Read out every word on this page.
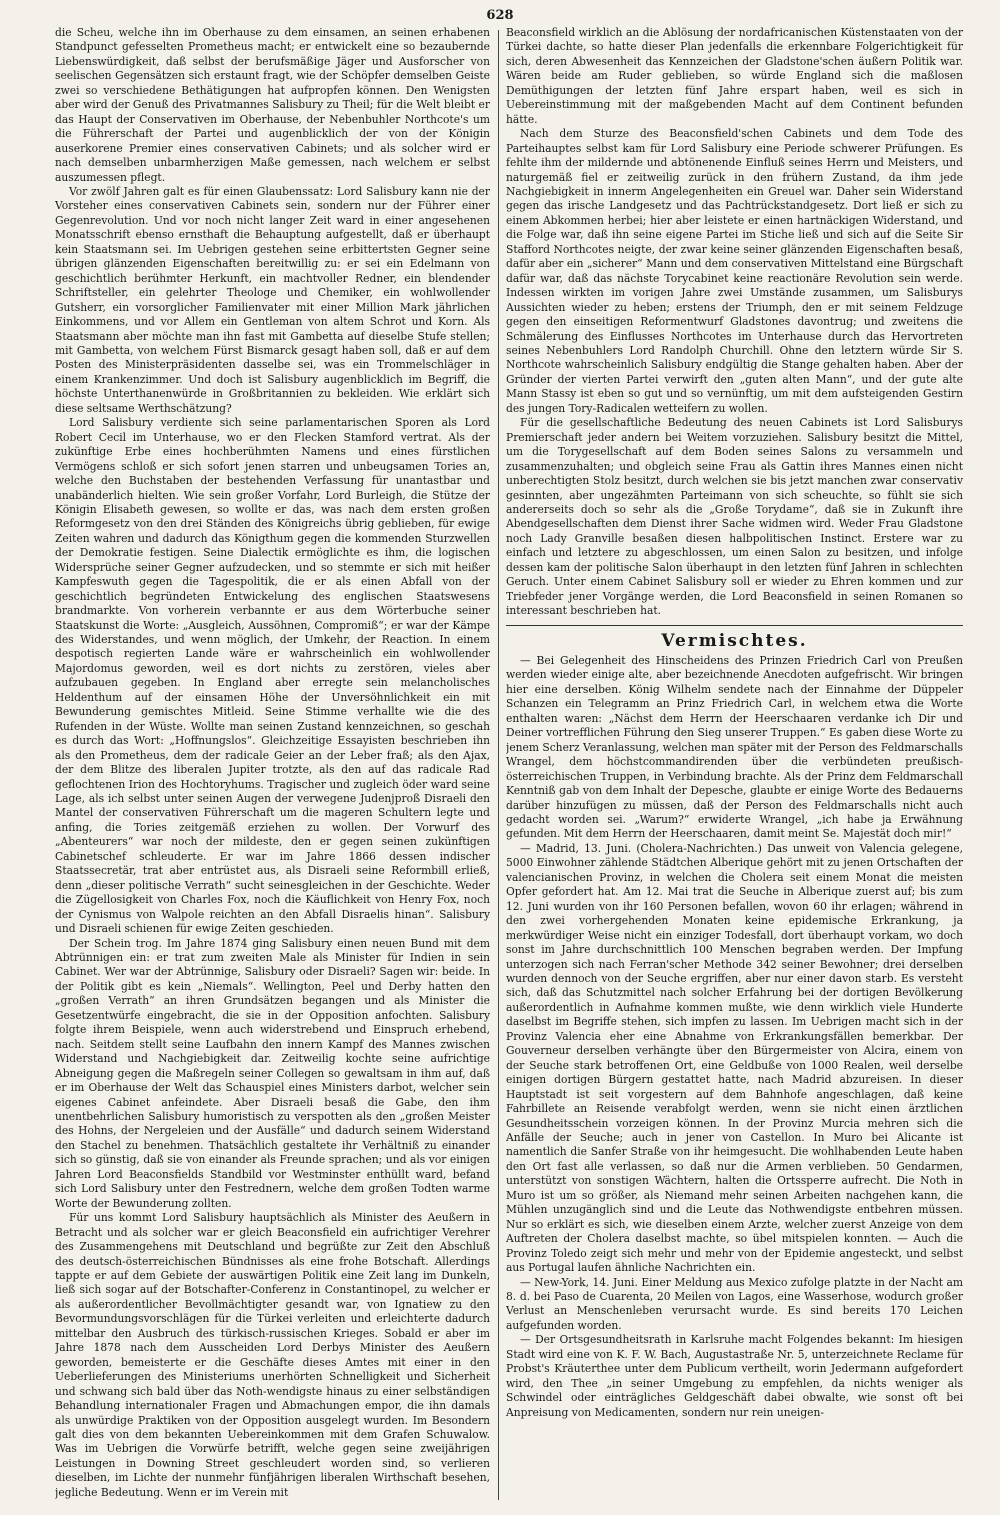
628

die Scheu, welche ihn im Oberhause zu dem einsamen, an seinen erhabenen Standpunct gefesselten Prometheus macht; er entwickelt eine so bezaubernde Liebenswürdigkeit, daß selbst der berufsmäßige Jäger und Ausforscher von seelischen Gegensätzen sich erstaunt fragt, wie der Schöpfer demselben Geiste zwei so verschiedene Bethätigungen hat aufpropfen können. Den Wenigsten aber wird der Genuß des Privatmannes Salisbury zu Theil; für die Welt bleibt er das Haupt der Conservativen im Oberhause, der Nebenbuhler Northcote's um die Führerschaft der Partei und augenblicklich der von der Königin auserkorene Premier eines conservativen Cabinets; und als solcher wird er nach demselben unbarmherzigen Maße gemessen, nach welchem er selbst auszumessen pflegt.

Vor zwölf Jahren galt es für einen Glaubenssatz: Lord Salisbury kann nie der Vorsteher eines conservativen Cabinets sein, sondern nur der Führer einer Gegenrevolution. Und vor noch nicht langer Zeit ward in einer angesehenen Monatsschrift ebenso ernsthaft die Behauptung aufgestellt, daß er überhaupt kein Staatsmann sei. Im Uebrigen gestehen seine erbittertsten Gegner seine übrigen glänzenden Eigenschaften bereitwillig zu: er sei ein Edelmann von geschichtlich berühmter Herkunft, ein machtvoller Redner, ein blendender Schriftsteller, ein gelehrter Theologe und Chemiker, ein wohlwollender Gutsherr, ein vorsorglicher Familienvater mit einer Million Mark jährlichen Einkommens, und vor Allem ein Gentleman von altem Schrot und Korn. Als Staatsmann aber möchte man ihn fast mit Gambetta auf dieselbe Stufe stellen; mit Gambetta, von welchem Fürst Bismarck gesagt haben soll, daß er auf dem Posten des Ministerpräsidenten dasselbe sei, was ein Trommelschläger in einem Krankenzimmer. Und doch ist Salisbury augenblicklich im Begriff, die höchste Unterthanenwürde in Großbritannien zu bekleiden. Wie erklärt sich diese seltsame Werthschätzung?

Lord Salisbury verdiente sich seine parlamentarischen Sporen als Lord Robert Cecil im Unterhause, wo er den Flecken Stamford vertrat. Als der zukünftige Erbe eines hochberühmten Namens und eines fürstlichen Vermögens schloß er sich sofort jenen starren und unbeugsamen Tories an, welche den Buchstaben der bestehenden Verfassung für unantastbar und unabänderlich hielten. Wie sein großer Vorfahr, Lord Burleigh, die Stütze der Königin Elisabeth gewesen, so wollte er das, was nach dem ersten großen Reformgesetz von den drei Ständen des Königreichs übrig geblieben, für ewige Zeiten wahren und dadurch das Königthum gegen die kommenden Sturzwellen der Demokratie festigen. Seine Dialectik ermöglichte es ihm, die logischen Widersprüche seiner Gegner aufzudecken, und so stemmte er sich mit heißer Kampfeswuth gegen die Tagespolitik, die er als einen Abfall von der geschichtlich begründeten Entwickelung des englischen Staatswesens brandmarkte. Von vorherein verbannte er aus dem Wörterbuche seiner Staatskunst die Worte: „Ausgleich, Aussöhnen, Compromiß“; er war der Kämpe des Widerstandes, und wenn möglich, der Umkehr, der Reaction. In einem despotisch regierten Lande wäre er wahrscheinlich ein wohlwollender Majordomus geworden, weil es dort nichts zu zerstören, vieles aber aufzubauen gegeben. In England aber erregte sein melancholisches Heldenthum auf der einsamen Höhe der Unversöhnlichkeit ein mit Bewunderung gemischtes Mitleid. Seine Stimme verhallte wie die des Rufenden in der Wüste. Wollte man seinen Zustand kennzeichnen, so geschah es durch das Wort: „Hoffnungslos“. Gleichzeitige Essayisten beschrieben ihn als den Prometheus, dem der radicale Geier an der Leber fraß; als den Ajax, der dem Blitze des liberalen Jupiter trotzte, als den auf das radicale Rad geflochtenen Irion des Hochtoryhums. Tragischer und zugleich öder ward seine Lage, als ich selbst unter seinen Augen der verwegene Judenjproß Disraeli den Mantel der conservativen Führerschaft um die mageren Schultern legte und anfing, die Tories zeitgemäß erziehen zu wollen. Der Vorwurf des „Abenteurers“ war noch der mildeste, den er gegen seinen zukünftigen Cabinetschef schleuderte. Er war im Jahre 1866 dessen indischer Staatssecretär, trat aber entrüstet aus, als Disraeli seine Reformbill erließ, denn „dieser politische Verrath“ sucht seinesgleichen in der Geschichte. Weder die Zügellosigkeit von Charles Fox, noch die Käuflichkeit von Henry Fox, noch der Cynismus von Walpole reichten an den Abfall Disraelis hinan“. Salisbury und Disraeli schienen für ewige Zeiten geschieden.

Der Schein trog. Im Jahre 1874 ging Salisbury einen neuen Bund mit dem Abtrünnigen ein: er trat zum zweiten Male als Minister für Indien in sein Cabinet. Wer war der Abtrünnige, Salisbury oder Disraeli? Sagen wir: beide. In der Politik gibt es kein „Niemals“. Wellington, Peel und Derby hatten den „großen Verrath“ an ihren Grundsätzen begangen und als Minister die Gesetzentwürfe eingebracht, die sie in der Opposition anfochten. Salisbury folgte ihrem Beispiele, wenn auch widerstrebend und Einspruch erhebend, nach. Seitdem stellt seine Laufbahn den innern Kampf des Mannes zwischen Widerstand und Nachgiebigkeit dar. Zeitweilig kochte seine aufrichtige Abneigung gegen die Maßregeln seiner Collegen so gewaltsam in ihm auf, daß er im Oberhause der Welt das Schauspiel eines Ministers darbot, welcher sein eigenes Cabinet anfeindete. Aber Disraeli besaß die Gabe, den ihm unentbehrlichen Salisbury humoristisch zu verspotten als den „großen Meister des Hohns, der Nergeleien und der Ausfälle“ und dadurch seinem Widerstand den Stachel zu benehmen. Thatsächlich gestaltete ihr Verhältniß zu einander sich so günstig, daß sie von einander als Freunde sprachen; und als vor einigen Jahren Lord Beaconsfields Standbild vor Westminster enthüllt ward, befand sich Lord Salisbury unter den Festrednern, welche dem großen Todten warme Worte der Bewunderung zollten.

Für uns kommt Lord Salisbury hauptsächlich als Minister des Aeußern in Betracht und als solcher war er gleich Beaconsfield ein aufrichtiger Verehrer des Zusammengehens mit Deutschland und begrüßte zur Zeit den Abschluß des deutsch-österreichischen Bündnisses als eine frohe Botschaft. Allerdings tappte er auf dem Gebiete der auswärtigen Politik eine Zeit lang im Dunkeln, ließ sich sogar auf der Botschafter-Conferenz in Constantinopel, zu welcher er als außerordentlicher Bevollmächtigter gesandt war, von Ignatiew zu den Bevormundungsvorschlägen für die Türkei verleiten und erleichterte dadurch mittelbar den Ausbruch des türkisch-russischen Krieges. Sobald er aber im Jahre 1878 nach dem Ausscheiden Lord Derbys Minister des Aeußern geworden, bemeisterte er die Geschäfte dieses Amtes mit einer in den Ueberlieferungen des Ministeriums unerhörten Schnelligkeit und Sicherheit und schwang sich bald über das Noth-wendigste hinaus zu einer selbständigen Behandlung internationaler Fragen und Abmachungen empor, die ihn damals als unwürdige Praktiken von der Opposition ausgelegt wurden. Im Besondern galt dies von dem bekannten Uebereinkommen mit dem Grafen Schuwalow. Was im Uebrigen die Vorwürfe betrifft, welche gegen seine zweijährigen Leistungen in Downing Street geschleudert worden sind, so verlieren dieselben, im Lichte der nunmehr fünfjährigen liberalen Wirthschaft besehen, jegliche Bedeutung. Wenn er im Verein mit

Beaconsfield wirklich an die Ablösung der nordafricanischen Küstenstaaten von der Türkei dachte, so hatte dieser Plan jedenfalls die erkennbare Folgerichtigkeit für sich, deren Abwesenheit das Kennzeichen der Gladstone'schen äußern Politik war. Wären beide am Ruder geblieben, so würde England sich die maßlosen Demüthigungen der letzten fünf Jahre erspart haben, weil es sich in Uebereinstimmung mit der maßgebenden Macht auf dem Continent befunden hätte.

Nach dem Sturze des Beaconsfield'schen Cabinets und dem Tode des Parteihauptes selbst kam für Lord Salisbury eine Periode schwerer Prüfungen. Es fehlte ihm der mildernde und abtönenende Einfluß seines Herrn und Meisters, und naturgemäß fiel er zeitweilig zurück in den frühern Zustand, da ihm jede Nachgiebigkeit in innerm Angelegenheiten ein Greuel war. Daher sein Widerstand gegen das irische Landgesetz und das Pachtrückstandgesetz. Dort ließ er sich zu einem Abkommen herbei; hier aber leistete er einen hartnäckigen Widerstand, und die Folge war, daß ihn seine eigene Partei im Stiche ließ und sich auf die Seite Sir Stafford Northcotes neigte, der zwar keine seiner glänzenden Eigenschaften besaß, dafür aber ein „sicherer“ Mann und dem conservativen Mittelstand eine Bürgschaft dafür war, daß das nächste Torycabinet keine reactionäre Revolution sein werde. Indessen wirkten im vorigen Jahre zwei Umstände zusammen, um Salisburys Aussichten wieder zu heben; erstens der Triumph, den er mit seinem Feldzuge gegen den einseitigen Reformentwurf Gladstones davontrug; und zweitens die Schmälerung des Einflusses Northcotes im Unterhause durch das Hervortreten seines Nebenbuhlers Lord Randolph Churchill. Ohne den letztern würde Sir S. Northcote wahrscheinlich Salisbury endgültig die Stange gehalten haben. Aber der Gründer der vierten Partei verwirft den „guten alten Mann“, und der gute alte Mann Stassy ist eben so gut und so vernünftig, um mit dem aufsteigenden Gestirn des jungen Tory-Radicalen wetteifern zu wollen.

Für die gesellschaftliche Bedeutung des neuen Cabinets ist Lord Salisburys Premierschaft jeder andern bei Weitem vorzuziehen. Salisbury besitzt die Mittel, um die Torygesellschaft auf dem Boden seines Salons zu versammeln und zusammenzuhalten; und obgleich seine Frau als Gattin ihres Mannes einen nicht unberechtigten Stolz besitzt, durch welchen sie bis jetzt manchen zwar conservativ gesinnten, aber ungezähmten Parteimann von sich scheuchte, so fühlt sie sich andererseits doch so sehr als die „Große Torydame“, daß sie in Zukunft ihre Abendgesellschaften dem Dienst ihrer Sache widmen wird. Weder Frau Gladstone noch Lady Granville besaßen diesen halbpolitischen Instinct. Erstere war zu einfach und letztere zu abgeschlossen, um einen Salon zu besitzen, und infolge dessen kam der politische Salon überhaupt in den letzten fünf Jahren in schlechten Geruch. Unter einem Cabinet Salisbury soll er wieder zu Ehren kommen und zur Triebfeder jener Vorgänge werden, die Lord Beaconsfield in seinen Romanen so interessant beschrieben hat.

Vermischtes.

— Bei Gelegenheit des Hinscheidens des Prinzen Friedrich Carl von Preußen werden wieder einige alte, aber bezeichnende Anecdoten aufgefrischt. Wir bringen hier eine derselben. König Wilhelm sendete nach der Einnahme der Düppeler Schanzen ein Telegramm an Prinz Friedrich Carl, in welchem etwa die Worte enthalten waren: „Nächst dem Herrn der Heerschaaren verdanke ich Dir und Deiner vortrefflichen Führung den Sieg unserer Truppen.“ Es gaben diese Worte zu jenem Scherz Veranlassung, welchen man später mit der Person des Feldmarschalls Wrangel, dem höchstcommandirenden über die verbündeten preußisch-österreichischen Truppen, in Verbindung brachte. Als der Prinz dem Feldmarschall Kenntniß gab von dem Inhalt der Depesche, glaubte er einige Worte des Bedauerns darüber hinzufügen zu müssen, daß der Person des Feldmarschalls nicht auch gedacht worden sei. „Warum?“ erwiderte Wrangel, „ich habe ja Erwähnung gefunden. Mit dem Herrn der Heerschaaren, damit meint Se. Majestät doch mir!“

— Madrid, 13. Juni. (Cholera-Nachrichten.) Das unweit von Valencia gelegene, 5000 Einwohner zählende Städtchen Alberique gehört mit zu jenen Ortschaften der valencianischen Provinz, in welchen die Cholera seit einem Monat die meisten Opfer gefordert hat. Am 12. Mai trat die Seuche in Alberique zuerst auf; bis zum 12. Juni wurden von ihr 160 Personen befallen, wovon 60 ihr erlagen; während in den zwei vorhergehenden Monaten keine epidemische Erkrankung, ja merkwürdiger Weise nicht ein einziger Todesfall, dort überhaupt vorkam, wo doch sonst im Jahre durchschnittlich 100 Menschen begraben werden. Der Impfung unterzogen sich nach Ferran'scher Methode 342 seiner Bewohner; drei derselben wurden dennoch von der Seuche ergriffen, aber nur einer davon starb. Es versteht sich, daß das Schutzmittel nach solcher Erfahrung bei der dortigen Bevölkerung außerordentlich in Aufnahme kommen mußte, wie denn wirklich viele Hunderte daselbst im Begriffe stehen, sich impfen zu lassen. Im Uebrigen macht sich in der Provinz Valencia eher eine Abnahme von Erkrankungsfällen bemerkbar. Der Gouverneur derselben verhängte über den Bürgermeister von Alcira, einem von der Seuche stark betroffenen Ort, eine Geldbuße von 1000 Realen, weil derselbe einigen dortigen Bürgern gestattet hatte, nach Madrid abzureisen. In dieser Hauptstadt ist seit vorgestern auf dem Bahnhofe angeschlagen, daß keine Fahrbillete an Reisende verabfolgt werden, wenn sie nicht einen ärztlichen Gesundheitsschein vorzeigen können. In der Provinz Murcia mehren sich die Anfälle der Seuche; auch in jener von Castellon. In Muro bei Alicante ist namentlich die Sanfer Straße von ihr heimgesucht. Die wohlhabenden Leute haben den Ort fast alle verlassen, so daß nur die Armen verblieben. 50 Gendarmen, unterstützt von sonstigen Wächtern, halten die Ortssperre aufrecht. Die Noth in Muro ist um so größer, als Niemand mehr seinen Arbeiten nachgehen kann, die Mühlen unzugänglich sind und die Leute das Nothwendigste entbehren müssen. Nur so erklärt es sich, wie dieselben einem Arzte, welcher zuerst Anzeige von dem Auftreten der Cholera daselbst machte, so übel mitspielen konnten. — Auch die Provinz Toledo zeigt sich mehr und mehr von der Epidemie angesteckt, und selbst aus Portugal laufen ähnliche Nachrichten ein.

— New-York, 14. Juni. Einer Meldung aus Mexico zufolge platzte in der Nacht am 8. d. bei Paso de Cuarenta, 20 Meilen von Lagos, eine Wasserhose, wodurch großer Verlust an Menschenleben verursacht wurde. Es sind bereits 170 Leichen aufgefunden worden.

— Der Ortsgesundheitsrath in Karlsruhe macht Folgendes bekannt: Im hiesigen Stadt wird eine von K. F. W. Bach, Augustastraße Nr. 5, unterzeichnete Reclame für Probst's Kräuterthee unter dem Publicum vertheilt, worin Jedermann aufgefordert wird, den Thee „in seiner Umgebung zu empfehlen, da nichts weniger als Schwindel oder einträgliches Geldgeschäft dabei obwalte, wie sonst oft bei Anpreisung von Medicamenten, sondern nur rein uneigen-
